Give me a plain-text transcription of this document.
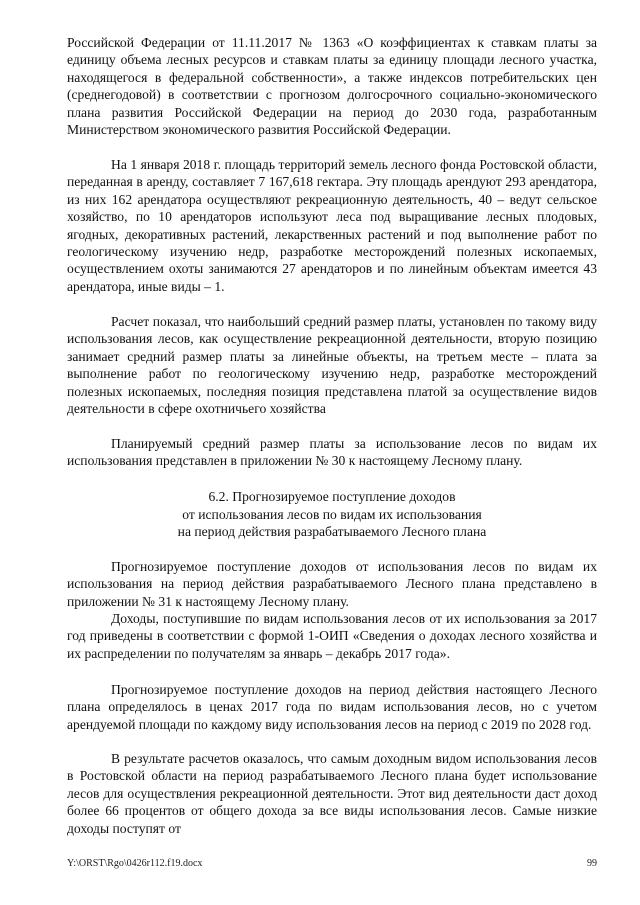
Российской Федерации от 11.11.2017 № 1363 «О коэффициентах к ставкам платы за единицу объема лесных ресурсов и ставкам платы за единицу площади лесного участка, находящегося в федеральной собственности», а также индексов потребительских цен (среднегодовой) в соответствии с прогнозом долгосрочного социально-экономического плана развития Российской Федерации на период до 2030 года, разработанным Министерством экономического развития Российской Федерации.

На 1 января 2018 г. площадь территорий земель лесного фонда Ростовской области, переданная в аренду, составляет 7 167,618 гектара. Эту площадь арендуют 293 арендатора, из них 162 арендатора осуществляют рекреационную деятельность, 40 – ведут сельское хозяйство, по 10 арендаторов используют леса под выращивание лесных плодовых, ягодных, декоративных растений, лекарственных растений и под выполнение работ по геологическому изучению недр, разработке месторождений полезных ископаемых, осуществлением охоты занимаются 27 арендаторов и по линейным объектам имеется 43 арендатора, иные виды – 1.

Расчет показал, что наибольший средний размер платы, установлен по такому виду использования лесов, как осуществление рекреационной деятельности, вторую позицию занимает средний размер платы за линейные объекты, на третьем месте – плата за выполнение работ по геологическому изучению недр, разработке месторождений полезных ископаемых, последняя позиция представлена платой за осуществление видов деятельности в сфере охотничьего хозяйства

Планируемый средний размер платы за использование лесов по видам их использования представлен в приложении № 30 к настоящему Лесному плану.

6.2. Прогнозируемое поступление доходов

от использования лесов по видам их использования

на период действия разрабатываемого Лесного плана

Прогнозируемое поступление доходов от использования лесов по видам их использования на период действия разрабатываемого Лесного плана представлено в приложении № 31 к настоящему Лесному плану.

Доходы, поступившие по видам использования лесов от их использования за 2017 год приведены в соответствии с формой 1-ОИП «Сведения о доходах лесного хозяйства и их распределении по получателям за январь – декабрь 2017 года».

Прогнозируемое поступление доходов на период действия настоящего Лесного плана определялось в ценах 2017 года по видам использования лесов, но с учетом арендуемой площади по каждому виду использования лесов на период с 2019 по 2028 год.

В результате расчетов оказалось, что самым доходным видом использования лесов в Ростовской области на период разрабатываемого Лесного плана будет использование лесов для осуществления рекреационной деятельности. Этот вид деятельности даст доход более 66 процентов от общего дохода за все виды использования лесов. Самые низкие доходы поступят от

Y:\ORST\Rgo\0426r112.f19.docx	99
